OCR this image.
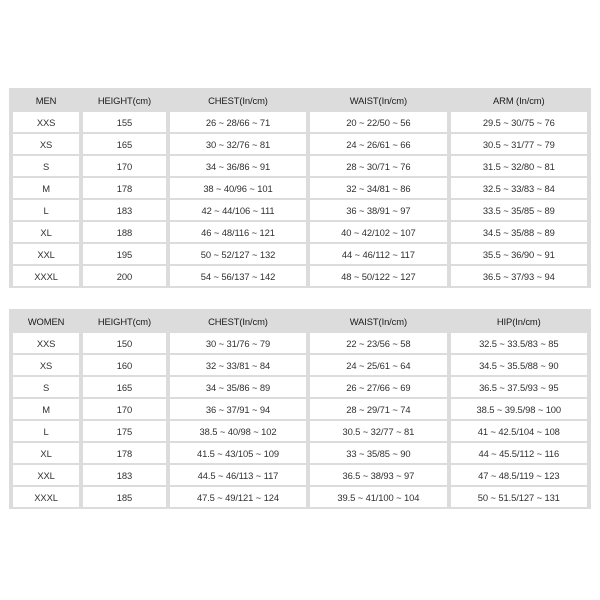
MEN	HEIGHT(cm)	CHEST(In/cm)	WAIST(In/cm)	ARM (In/cm)
XXS	155	26 ~ 28/66 ~ 71	20 ~ 22/50 ~ 56	29.5 ~ 30/75 ~ 76
XS	165	30 ~ 32/76 ~ 81	24 ~ 26/61 ~ 66	30.5 ~ 31/77 ~ 79
S	170	34 ~ 36/86 ~ 91	28 ~ 30/71 ~ 76	31.5 ~ 32/80 ~ 81
M	178	38 ~ 40/96 ~ 101	32 ~ 34/81 ~ 86	32.5 ~ 33/83 ~ 84
L	183	42 ~ 44/106 ~ 111	36 ~ 38/91 ~ 97	33.5 ~ 35/85 ~ 89
XL	188	46 ~ 48/116 ~ 121	40 ~ 42/102 ~ 107	34.5 ~ 35/88 ~ 89
XXL	195	50 ~ 52/127 ~ 132	44 ~ 46/112 ~ 117	35.5 ~ 36/90 ~ 91
XXXL	200	54 ~ 56/137 ~ 142	48 ~ 50/122 ~ 127	36.5 ~ 37/93 ~ 94
WOMEN	HEIGHT(cm)	CHEST(In/cm)	WAIST(In/cm)	HIP(In/cm)
XXS	150	30 ~ 31/76 ~ 79	22 ~ 23/56 ~ 58	32.5 ~ 33.5/83 ~ 85
XS	160	32 ~ 33/81 ~ 84	24 ~ 25/61 ~ 64	34.5 ~ 35.5/88 ~ 90
S	165	34 ~ 35/86 ~ 89	26 ~ 27/66 ~ 69	36.5 ~ 37.5/93 ~ 95
M	170	36 ~ 37/91 ~ 94	28 ~ 29/71 ~ 74	38.5 ~ 39.5/98 ~ 100
L	175	38.5 ~ 40/98 ~ 102	30.5 ~ 32/77 ~ 81	41 ~ 42.5/104 ~ 108
XL	178	41.5 ~ 43/105 ~ 109	33 ~ 35/85 ~ 90	44 ~ 45.5/112 ~ 116
XXL	183	44.5 ~ 46/113 ~ 117	36.5 ~ 38/93 ~ 97	47 ~ 48.5/119 ~ 123
XXXL	185	47.5 ~ 49/121 ~ 124	39.5 ~ 41/100 ~ 104	50 ~ 51.5/127 ~ 131
